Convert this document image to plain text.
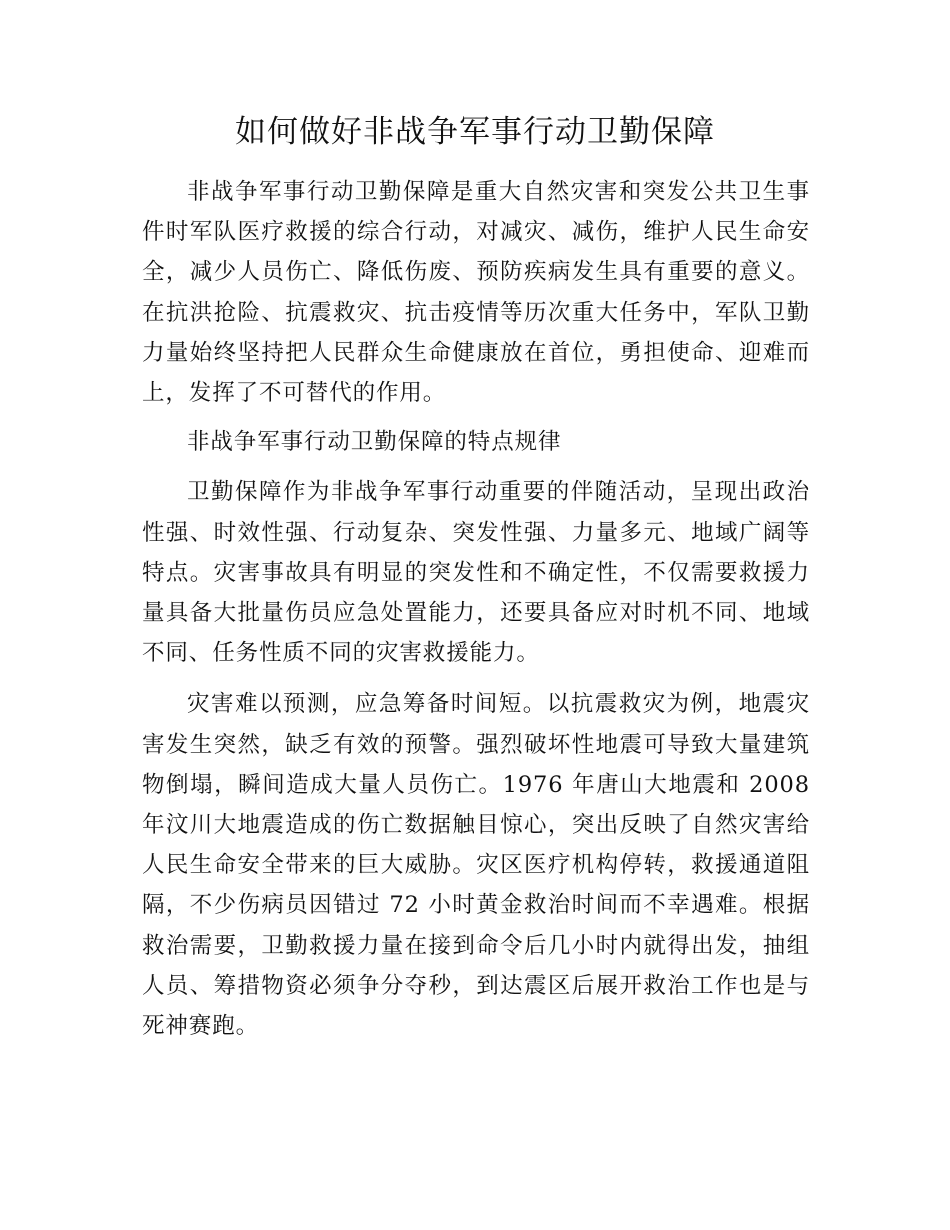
如何做好非战争军事行动卫勤保障

非战争军事行动卫勤保障是重大自然灾害和突发公共卫生事件时军队医疗救援的综合行动，对减灾、减伤，维护人民生命安全，减少人员伤亡、降低伤废、预防疾病发生具有重要的意义。在抗洪抢险、抗震救灾、抗击疫情等历次重大任务中，军队卫勤力量始终坚持把人民群众生命健康放在首位，勇担使命、迎难而上，发挥了不可替代的作用。

非战争军事行动卫勤保障的特点规律

卫勤保障作为非战争军事行动重要的伴随活动，呈现出政治性强、时效性强、行动复杂、突发性强、力量多元、地域广阔等特点。灾害事故具有明显的突发性和不确定性，不仅需要救援力量具备大批量伤员应急处置能力，还要具备应对时机不同、地域不同、任务性质不同的灾害救援能力。

灾害难以预测，应急筹备时间短。以抗震救灾为例，地震灾害发生突然，缺乏有效的预警。强烈破坏性地震可导致大量建筑物倒塌，瞬间造成大量人员伤亡。1976 年唐山大地震和 2008 年汶川大地震造成的伤亡数据触目惊心，突出反映了自然灾害给人民生命安全带来的巨大威胁。灾区医疗机构停转，救援通道阻隔，不少伤病员因错过 72 小时黄金救治时间而不幸遇难。根据救治需要，卫勤救援力量在接到命令后几小时内就得出发，抽组人员、筹措物资必须争分夺秒，到达震区后展开救治工作也是与死神赛跑。
